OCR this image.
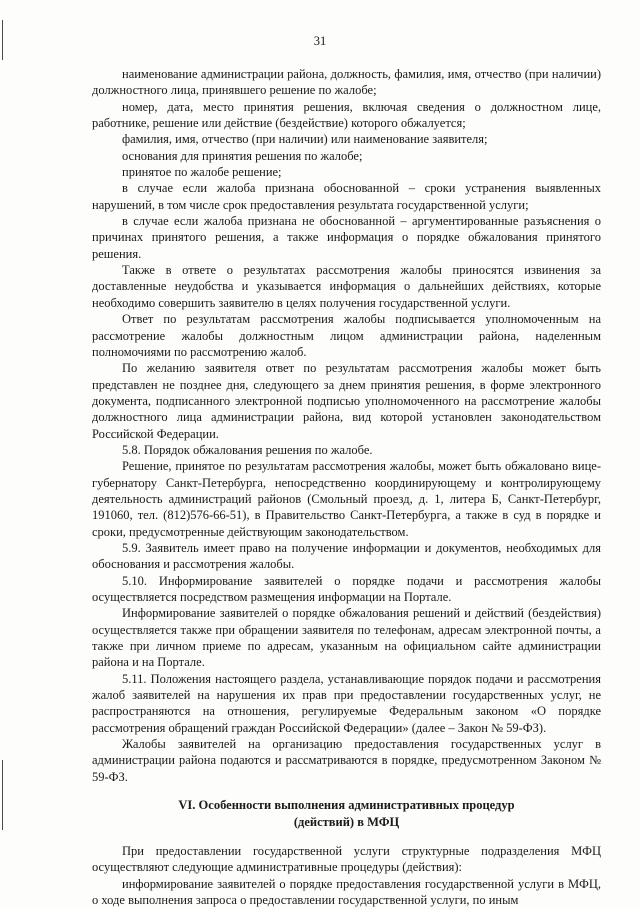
31

наименование администрации района, должность, фамилия, имя, отчество (при наличии) должностного лица, принявшего решение по жалобе;

номер, дата, место принятия решения, включая сведения о должностном лице, работнике, решение или действие (бездействие) которого обжалуется;

фамилия, имя, отчество (при наличии) или наименование заявителя;

основания для принятия решения по жалобе;

принятое по жалобе решение;

в случае если жалоба признана обоснованной – сроки устранения выявленных нарушений, в том числе срок предоставления результата государственной услуги;

в случае если жалоба признана не обоснованной – аргументированные разъяснения о причинах принятого решения, а также информация о порядке обжалования принятого решения.

Также в ответе о результатах рассмотрения жалобы приносятся извинения за доставленные неудобства и указывается информация о дальнейших действиях, которые необходимо совершить заявителю в целях получения государственной услуги.

Ответ по результатам рассмотрения жалобы подписывается уполномоченным на рассмотрение жалобы должностным лицом администрации района, наделенным полномочиями по рассмотрению жалоб.

По желанию заявителя ответ по результатам рассмотрения жалобы может быть представлен не позднее дня, следующего за днем принятия решения, в форме электронного документа, подписанного электронной подписью уполномоченного на рассмотрение жалобы должностного лица администрации района, вид которой установлен законодательством Российской Федерации.

5.8. Порядок обжалования решения по жалобе.

Решение, принятое по результатам рассмотрения жалобы, может быть обжаловано вице-губернатору Санкт-Петербурга, непосредственно координирующему и контролирующему деятельность администраций районов (Смольный проезд, д. 1, литера Б, Санкт-Петербург, 191060, тел. (812)576-66-51), в Правительство Санкт-Петербурга, а также в суд в порядке и сроки, предусмотренные действующим законодательством.

5.9. Заявитель имеет право на получение информации и документов, необходимых для обоснования и рассмотрения жалобы.

5.10. Информирование заявителей о порядке подачи и рассмотрения жалобы осуществляется посредством размещения информации на Портале.

Информирование заявителей о порядке обжалования решений и действий (бездействия) осуществляется также при обращении заявителя по телефонам, адресам электронной почты, а также при личном приеме по адресам, указанным на официальном сайте администрации района и на Портале.

5.11. Положения настоящего раздела, устанавливающие порядок подачи и рассмотрения жалоб заявителей на нарушения их прав при предоставлении государственных услуг, не распространяются на отношения, регулируемые Федеральным законом «О порядке рассмотрения обращений граждан Российской Федерации» (далее – Закон № 59-ФЗ).

Жалобы заявителей на организацию предоставления государственных услуг в администрации района подаются и рассматриваются в порядке, предусмотренном Законом № 59-ФЗ.

VI. Особенности выполнения административных процедур
(действий) в МФЦ

При предоставлении государственной услуги структурные подразделения МФЦ осуществляют следующие административные процедуры (действия):

информирование заявителей о порядке предоставления государственной услуги в МФЦ, о ходе выполнения запроса о предоставлении государственной услуги, по иным
